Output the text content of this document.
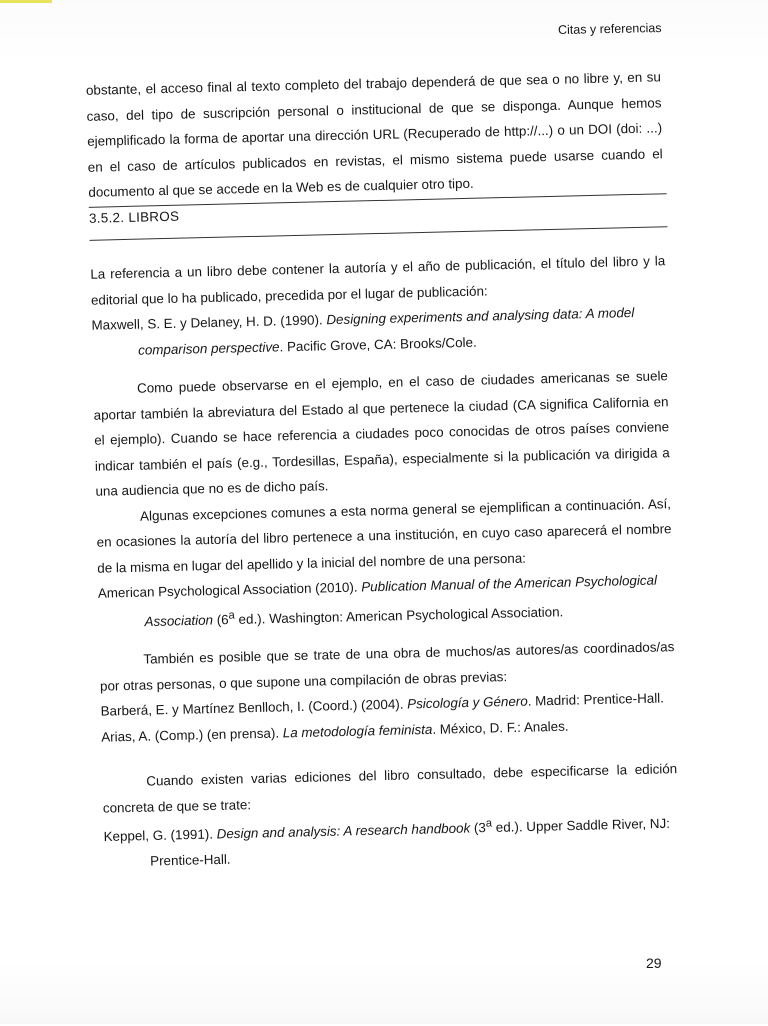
Citas y referencias

obstante, el acceso final al texto completo del trabajo dependerá de que sea o no libre y, en su caso, del tipo de suscripción personal o institucional de que se disponga. Aunque hemos ejemplificado la forma de aportar una dirección URL (Recuperado de http://...) o un DOI (doi: ...) en el caso de artículos publicados en revistas, el mismo sistema puede usarse cuando el documento al que se accede en la Web es de cualquier otro tipo.

3.5.2. LIBROS

La referencia a un libro debe contener la autoría y el año de publicación, el título del libro y la editorial que lo ha publicado, precedida por el lugar de publicación:

Maxwell, S. E. y Delaney, H. D. (1990). Designing experiments and analysing data: A model comparison perspective. Pacific Grove, CA: Brooks/Cole.

Como puede observarse en el ejemplo, en el caso de ciudades americanas se suele aportar también la abreviatura del Estado al que pertenece la ciudad (CA significa California en el ejemplo). Cuando se hace referencia a ciudades poco conocidas de otros países conviene indicar también el país (e.g., Tordesillas, España), especialmente si la publicación va dirigida a una audiencia que no es de dicho país.

Algunas excepciones comunes a esta norma general se ejemplifican a continuación. Así, en ocasiones la autoría del libro pertenece a una institución, en cuyo caso aparecerá el nombre de la misma en lugar del apellido y la inicial del nombre de una persona:

American Psychological Association (2010). Publication Manual of the American Psychological Association (6$^a$ ed.). Washington: American Psychological Association.

También es posible que se trate de una obra de muchos/as autores/as coordinados/as por otras personas, o que supone una compilación de obras previas:

Barberá, E. y Martínez Benlloch, I. (Coord.) (2004). Psicología y Género. Madrid: Prentice-Hall.

Arias, A. (Comp.) (en prensa). La metodología feminista. México, D. F.: Anales.

Cuando existen varias ediciones del libro consultado, debe especificarse la edición concreta de que se trate:

Keppel, G. (1991). Design and analysis: A research handbook (3$^a$ ed.). Upper Saddle River, NJ: Prentice-Hall.

29
